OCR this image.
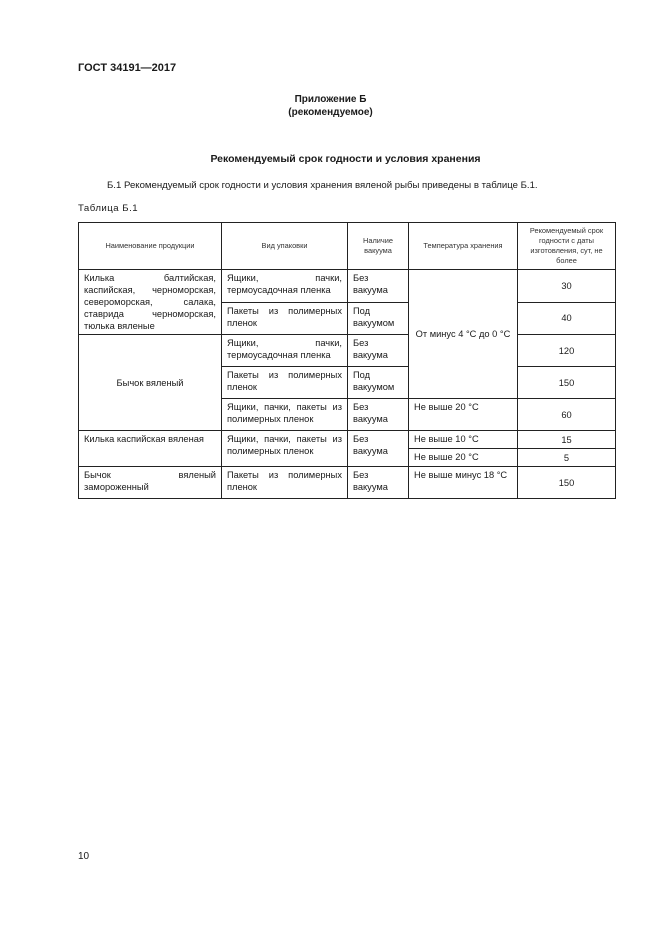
ГОСТ 34191—2017
Приложение Б
(рекомендуемое)
Рекомендуемый срок годности и условия хранения
Б.1 Рекомендуемый срок годности и условия хранения вяленой рыбы приведены в таблице Б.1.
Таблица Б.1
Наименование продукции	Вид упаковки	Наличие вакуума	Температура хранения	Рекомендуемый срок годности с даты изготовления, сут, не более
Килька балтийская, каспийская, черноморская, североморская, салака, ставрида черноморская, тюлька вяленые	Ящики, пачки, термоусадочная пленка	Без вакуума	От минус 4 °С до 0 °С	30
	Пакеты из полимерных пленок	Под вакуумом		40
Бычок вяленый	Ящики, пачки, термоусадочная пленка	Без вакуума		120
	Пакеты из полимерных пленок	Под вакуумом		150
	Ящики, пачки, пакеты из полимерных пленок	Без вакуума	Не выше 20 °С	60
Килька каспийская вяленая	Ящики, пачки, пакеты из полимерных пленок	Без вакуума	Не выше 10 °С	15
			Не выше 20 °С	5
Бычок вяленый замороженный	Пакеты из полимерных пленок	Без вакуума	Не выше минус 18 °С	150
10
